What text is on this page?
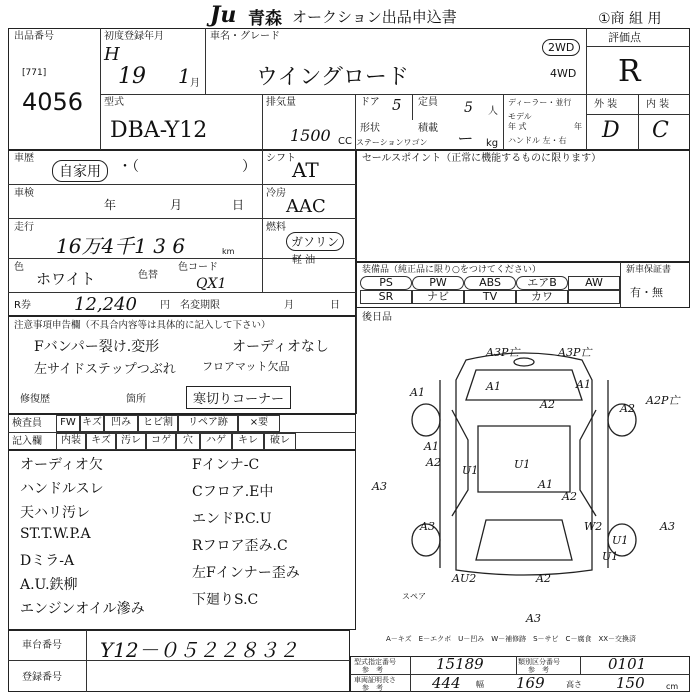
Ju 青森 オークション出品申込書	①商 組 用
出品番号
[771]
4056
初度登録年月
H
19 1 月
車名・グレード
ウイングロード
2WD
4WD
評価点
R
型式
DBA-Y12
排気量
1500 CC
ドア 5 定員 5 人
形状
ステーションワゴン
積載
ー kg
ディーラー・並行
モデル
年 式	年
ハンドル 左・右
外 装	内 装
D C
車歴
自家用	・（	）
シフト
AT
車検
年	月	日
冷房
AAC
走行
16万4千1 3 6	km
燃料
ガソリン
軽 油
色
ホワイト	色替
色コード
QX1
R券 12,240 円 名変期限	月	日
セールスポイント（正常に機能するものに限ります）
装備品（純正品に限り○をつけてください）	新車保証書
有・無
後日品
注意事項申告欄（不具合内容等は具体的に記入して下さい）
Fバンパー裂け.変形	オーディオなし
左サイドステップつぶれ フロアマット欠品
修復歴	箇所	寒切りコーナー
検査員
記入欄
スペア
A－キズ　E－エクボ　U－凹み　W－補修跡　S－サビ　C－腐食　XX－交換済
車台番号 Y12－０５２２８３２
登録番号
型式指定番号
参　考	15189	類別区分番号
参　考	0101
車両証明長さ
参　考	444 幅 169	高さ 150	cm
PS	PW	ABS	エアB	AW
SR	ナビ	TV	カワ
FW キズ 凹み	ヒビ割	リペア跡	×要
内装	キズ	汚レ	コゲ	穴	ハゲ	キレ	破レ
オーディオ欠
ハンドルスレ
天ハリ汚レ
ST.T.W.P.A
Dミラ-A
A.U.鉄柳
エンジンオイル滲み
Fインナ-C
Cフロア.E中
エンドP.C.U
Rフロア歪み.C
左Fインナー歪み
下廻りS.C
A3P亡	A3P亡
A1
A2	A2P亡
A2
A3
A2
A3
A1
U1	U1
A1
A2
W2
U1
A3
U1
AU2	A2
A3
A1	A1
